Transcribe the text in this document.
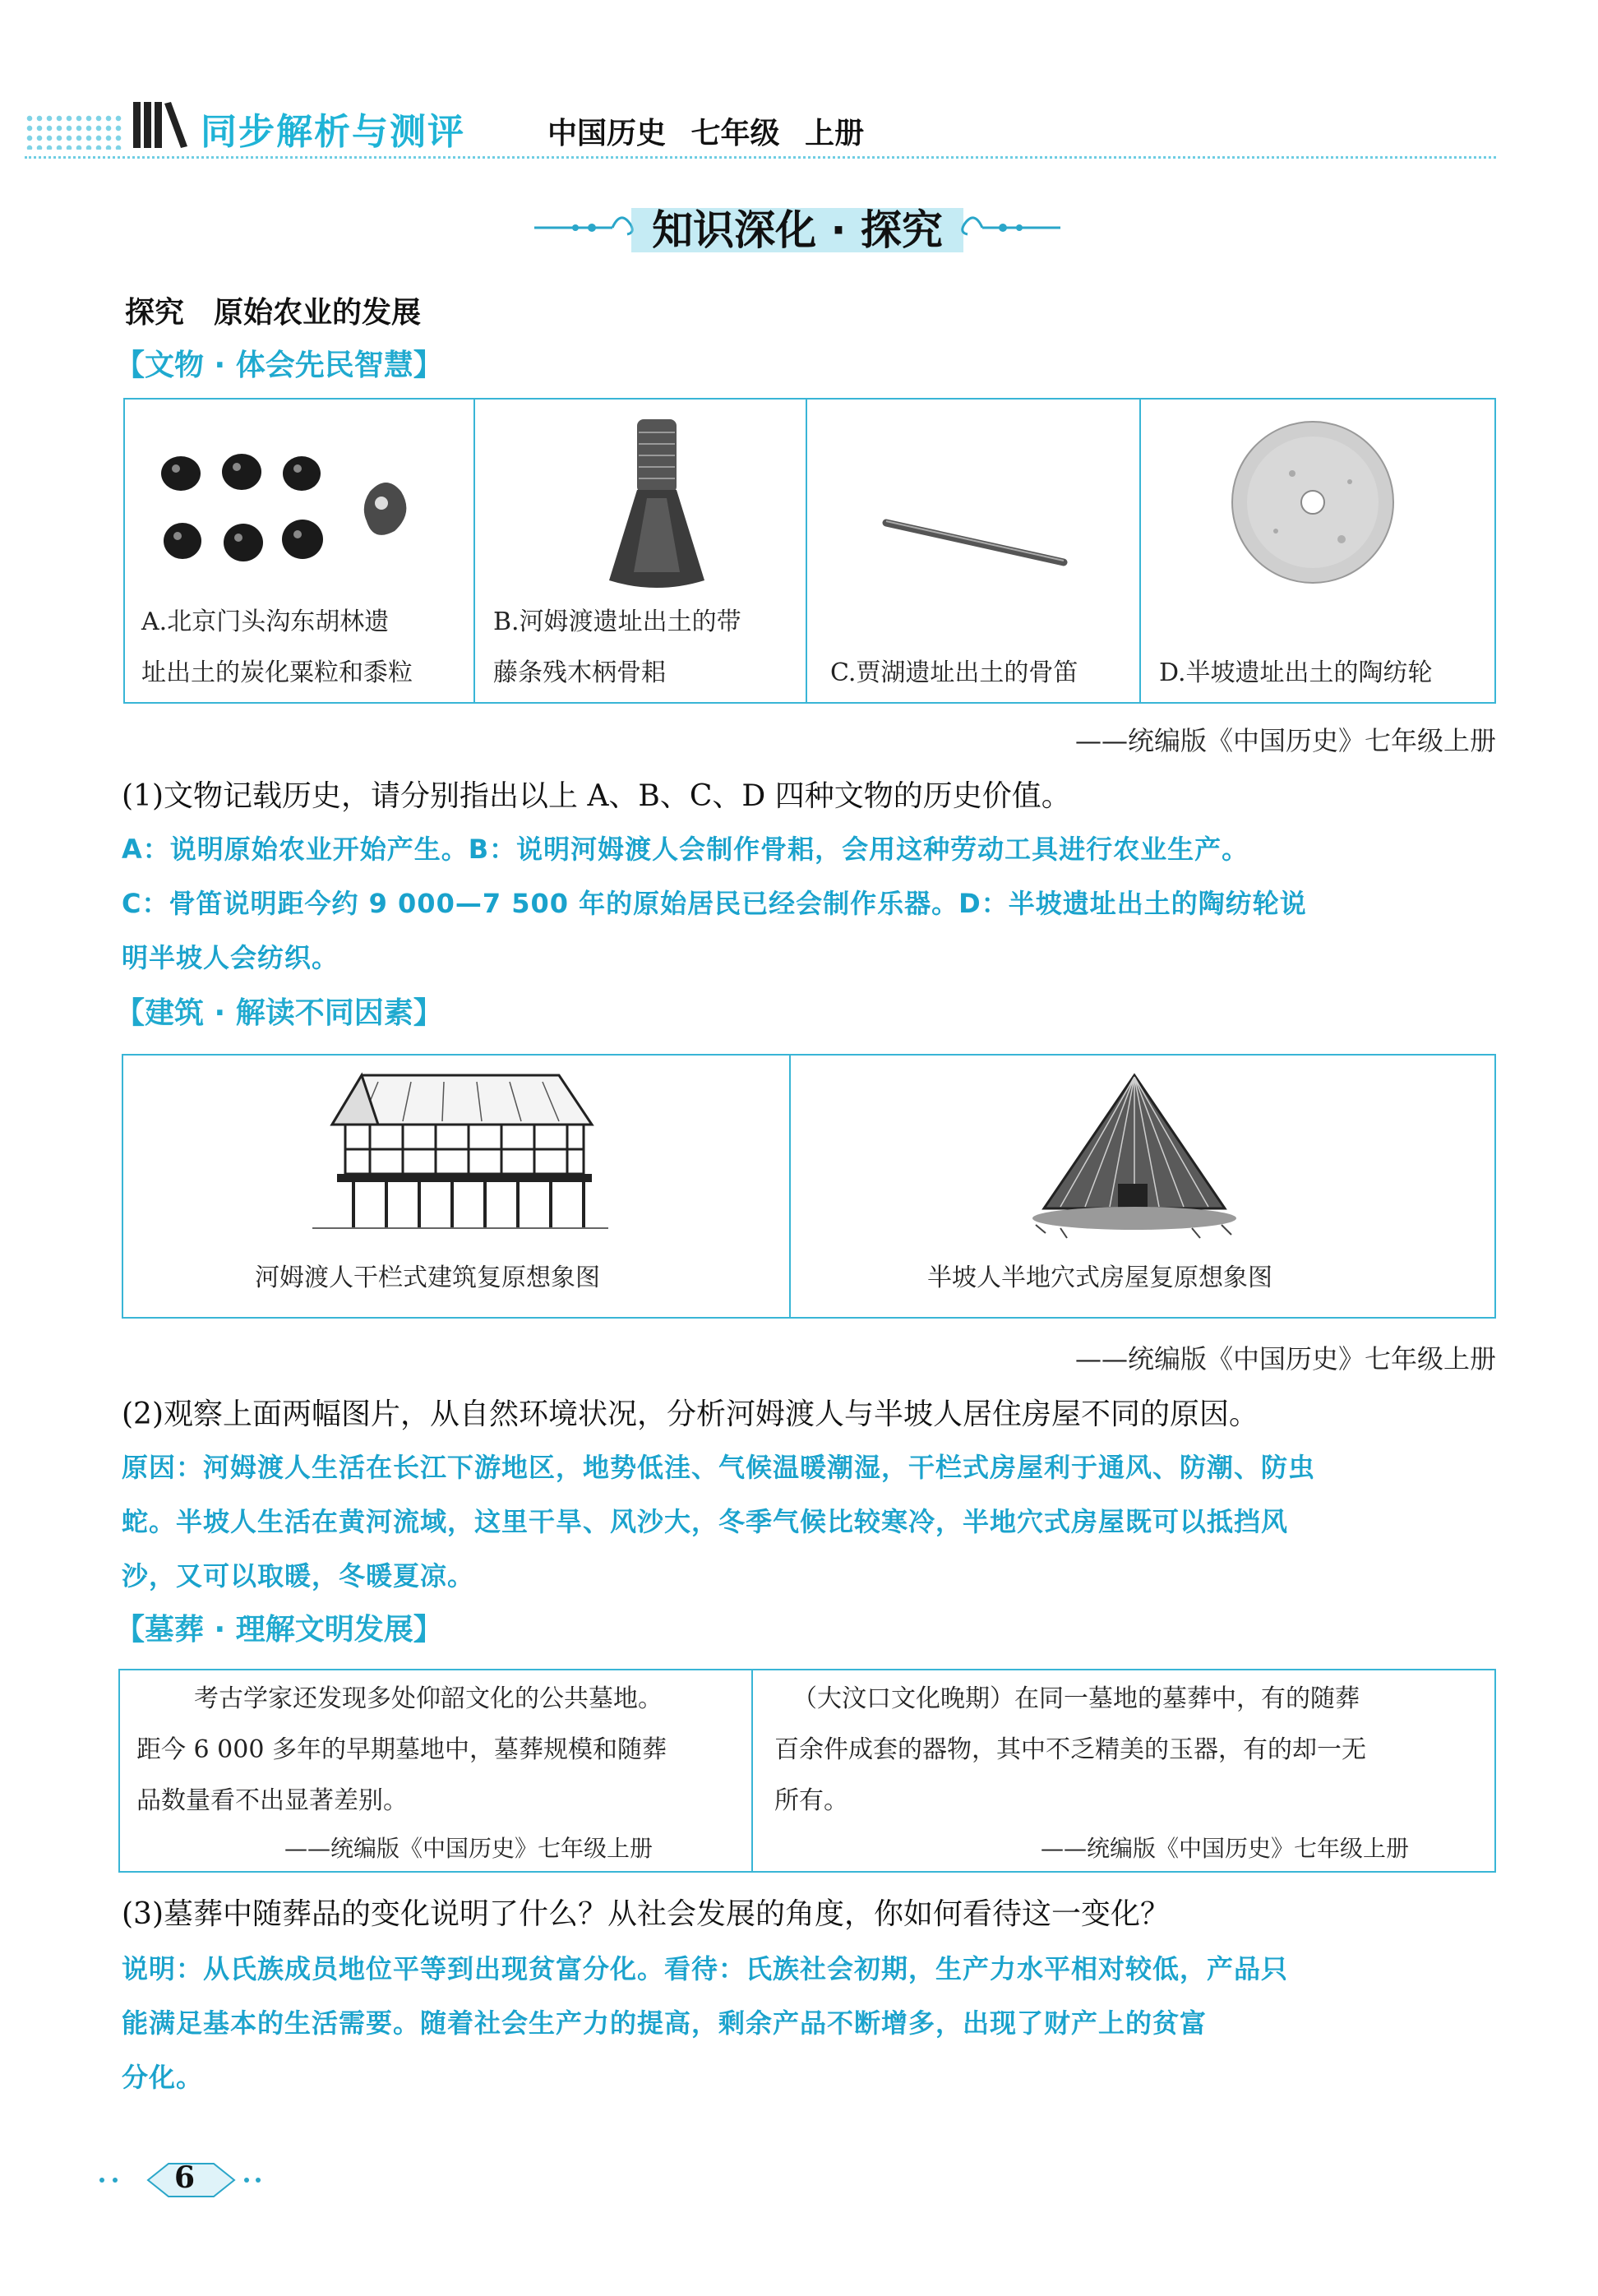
同步解析与测评	中国历史 七年级 上册
知识深化 · 探究
探究　原始农业的发展
【文物 · 体会先民智慧】
A.北京门头沟东胡林遗
址出土的炭化粟粒和黍粒
B.河姆渡遗址出土的带
藤条残木柄骨耜	C.贾湖遗址出土的骨笛	D.半坡遗址出土的陶纺轮
——统编版《中国历史》七年级上册
(1)文物记载历史，请分别指出以上 A、B、C、D 四种文物的历史价值。
A：说明原始农业开始产生。B：说明河姆渡人会制作骨耜，会用这种劳动工具进行农业生产。
C：骨笛说明距今约 9 000—7 500 年的原始居民已经会制作乐器。D：半坡遗址出土的陶纺轮说
明半坡人会纺织。
【建筑 · 解读不同因素】
河姆渡人干栏式建筑复原想象图	半坡人半地穴式房屋复原想象图
——统编版《中国历史》七年级上册
(2)观察上面两幅图片，从自然环境状况，分析河姆渡人与半坡人居住房屋不同的原因。
原因：河姆渡人生活在长江下游地区，地势低洼、气候温暖潮湿，干栏式房屋利于通风、防潮、防虫
蛇。半坡人生活在黄河流域，这里干旱、风沙大，冬季气候比较寒冷，半地穴式房屋既可以抵挡风
沙，又可以取暖，冬暖夏凉。
【墓葬 · 理解文明发展】
考古学家还发现多处仰韶文化的公共墓地。
距今 6 000 多年的早期墓地中，墓葬规模和随葬
品数量看不出显著差别。
——统编版《中国历史》七年级上册
（大汶口文化晚期）在同一墓地的墓葬中，有的随葬
百余件成套的器物，其中不乏精美的玉器，有的却一无
所有。
——统编版《中国历史》七年级上册
(3)墓葬中随葬品的变化说明了什么？从社会发展的角度，你如何看待这一变化？
说明：从氏族成员地位平等到出现贫富分化。看待：氏族社会初期，生产力水平相对较低，产品只
能满足基本的生活需要。随着社会生产力的提高，剩余产品不断增多，出现了财产上的贫富
分化。
6
